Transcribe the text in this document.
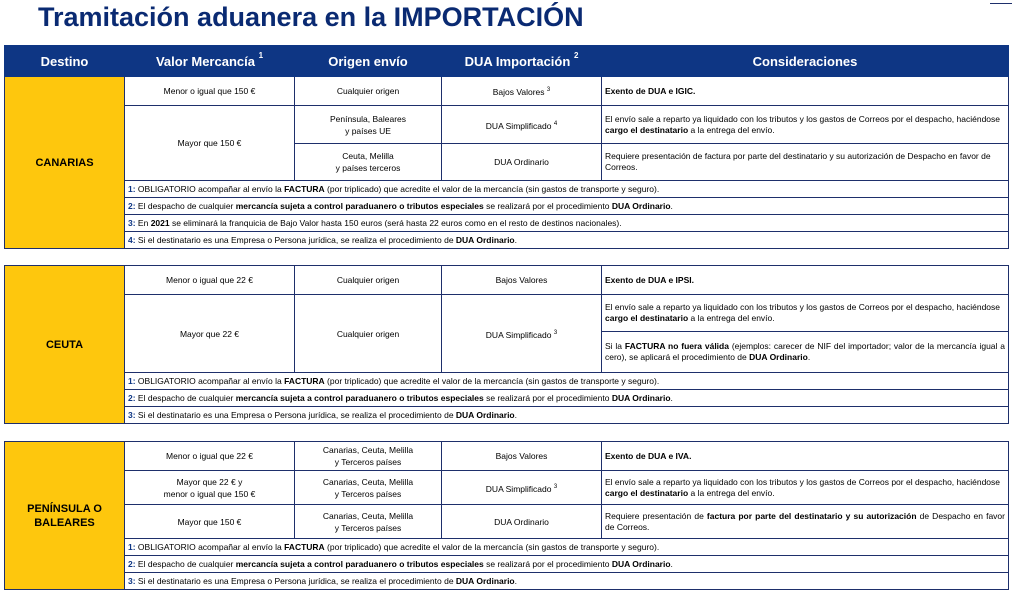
Tramitación aduanera en la IMPORTACIÓN
Destino	Valor Mercancía $^1$	Origen envío	DUA Importación $^2$	Consideraciones
CANARIAS	Menor o igual que 150 €	Cualquier origen	Bajos Valores $^3$	Exento de DUA e IGIC.
	Mayor que 150 €	Península, Baleares
y países UE	DUA Simplificado $^4$	El envío sale a reparto ya liquidado con los tributos y los gastos de Correos por el despacho, haciéndose cargo el destinatario a la entrega del envío.
		Ceuta, Melilla
y países terceros	DUA Ordinario	Requiere presentación de factura por parte del destinatario y su autorización de Despacho en favor de Correos.
	1: OBLIGATORIO acompañar al envío la FACTURA (por triplicado) que acredite el valor de la mercancía (sin gastos de transporte y seguro).			
	2: El despacho de cualquier mercancía sujeta a control paraduanero o tributos especiales se realizará por el procedimiento DUA Ordinario.			
	3: En 2021 se eliminará la franquicia de Bajo Valor hasta 150 euros (será hasta 22 euros como en el resto de destinos nacionales).			
	4: Si el destinatario es una Empresa o Persona jurídica, se realiza el procedimiento de DUA Ordinario.			
CEUTA	Menor o igual que 22 €	Cualquier origen	Bajos Valores	Exento de DUA e IPSI.
	Mayor que 22 €	Cualquier origen	DUA Simplificado $^3$	El envío sale a reparto ya liquidado con los tributos y los gastos de Correos por el despacho, haciéndose cargo el destinatario a la entrega del envío.
				Si la FACTURA no fuera válida (ejemplos: carecer de NIF del importador; valor de la mercancía igual a cero), se aplicará el procedimiento de DUA Ordinario.
	1: OBLIGATORIO acompañar al envío la FACTURA (por triplicado) que acredite el valor de la mercancía (sin gastos de transporte y seguro).			
	2: El despacho de cualquier mercancía sujeta a control paraduanero o tributos especiales se realizará por el procedimiento DUA Ordinario.			
	3: Si el destinatario es una Empresa o Persona jurídica, se realiza el procedimiento de DUA Ordinario.			
PENÍNSULA O
BALEARES	Menor o igual que 22 €	Canarias, Ceuta, Melilla
y Terceros países	Bajos Valores	Exento de DUA e IVA.
	Mayor que 22 € y
menor o igual que 150 €	Canarias, Ceuta, Melilla
y Terceros países	DUA Simplificado $^3$	El envío sale a reparto ya liquidado con los tributos y los gastos de Correos por el despacho, haciéndose cargo el destinatario a la entrega del envío.
	Mayor que 150 €	Canarias, Ceuta, Melilla
y Terceros países	DUA Ordinario	Requiere presentación de factura por parte del destinatario y su autorización de Despacho en favor de Correos.
	1: OBLIGATORIO acompañar al envío la FACTURA (por triplicado) que acredite el valor de la mercancía (sin gastos de transporte y seguro).			
	2: El despacho de cualquier mercancía sujeta a control paraduanero o tributos especiales se realizará por el procedimiento DUA Ordinario.			
	3: Si el destinatario es una Empresa o Persona jurídica, se realiza el procedimiento de DUA Ordinario.			
